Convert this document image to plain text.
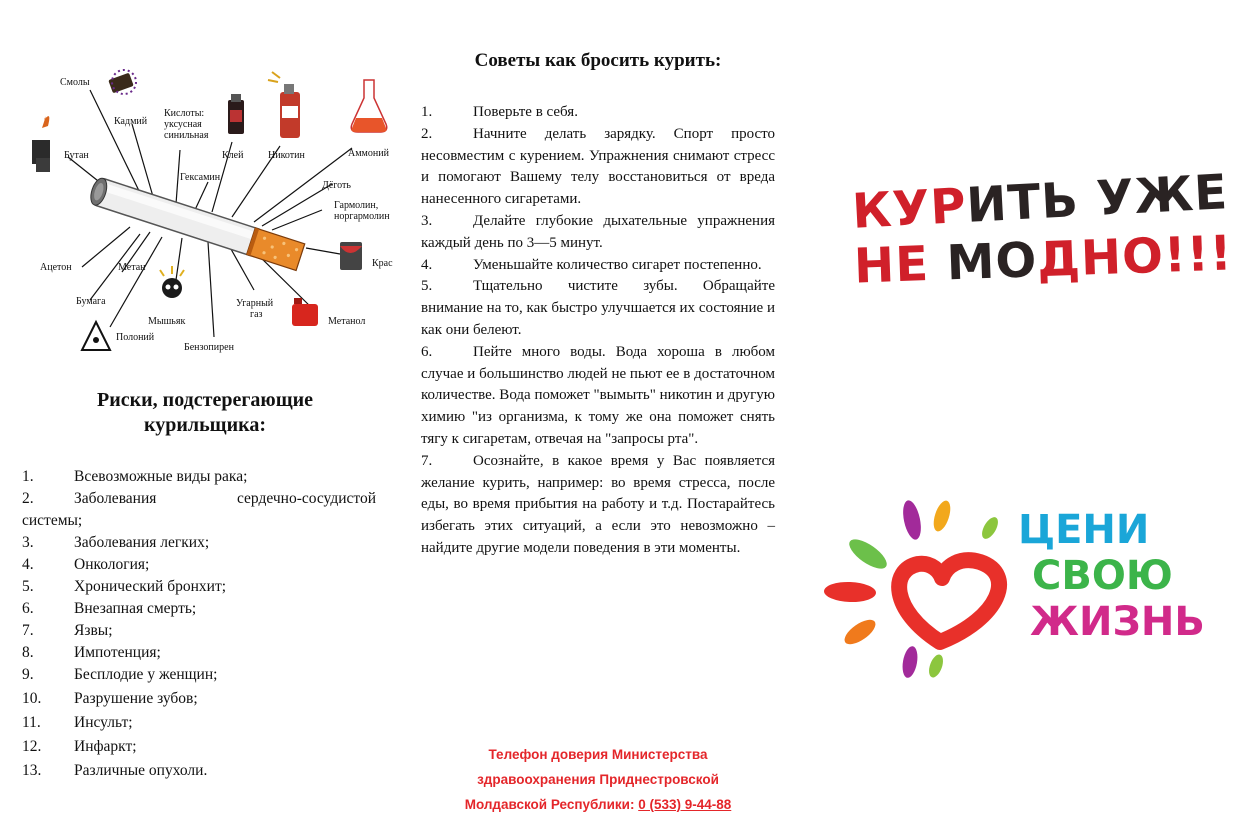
Смолы
Кадмий
Кислоты:
уксусная
синильная
Бутан	Клей Никотин	Аммоний
Гексамин
Дёготь
Гармолин,
норгармолин
Крас
Ацетон	Метан
Бумага
Мышьяк
Угарный
газ
Метанол
Полоний
Бензопирен
Риски, подстерегающие
курильщика:
1.	Всевозможные виды рака;
2.	Заболевания сердечно-сосудистой системы;
3.	Заболевания легких;
4.	Онкология;
5.	Хронический бронхит;
6.	Внезапная смерть;
7.	Язвы;
8.	Импотенция;
9.	Бесплодие у женщин;
10. Разрушение зубов;
11. Инсульт;
12. Инфаркт;
13. Различные опухоли.
Советы как бросить курить:

1.	Поверьте в себя.

2.	Начните делать зарядку. Спорт просто несовместим с курением. Упражнения снимают стресс и помогают Вашему телу восстановиться от вреда нанесенного сигаретами.

3.	Делайте глубокие дыхательные упражнения каждый день по 3—5 минут.

4.	Уменьшайте количество сигарет постепенно.

5.	Тщательно чистите зубы. Обращайте внимание на то, как быстро улучшается их состояние и как они белеют.

6.	Пейте много воды. Вода хороша в любом случае и большинство людей не пьют ее в достаточном количестве. Вода поможет "вымыть" никотин и другую химию "из организма, к тому же она поможет снять тягу к сигаретам, отвечая на "запросы рта".

7.	Осознайте, в какое время у Вас появляется желание курить, например: во время стресса, после еды, во время прибытия на работу и т.д. Постарайтесь избегать этих ситуаций, а если это невозможно – найдите другие модели поведения в эти моменты.

Телефон доверия Министерства
здравоохранения Приднестровской
Молдавской Республики: 0 (533) 9-44-88
КУРИТЬ УЖЕ
НЕ МОДНО!!!
ЦЕНИ
СВОЮ
ЖИЗНЬ
